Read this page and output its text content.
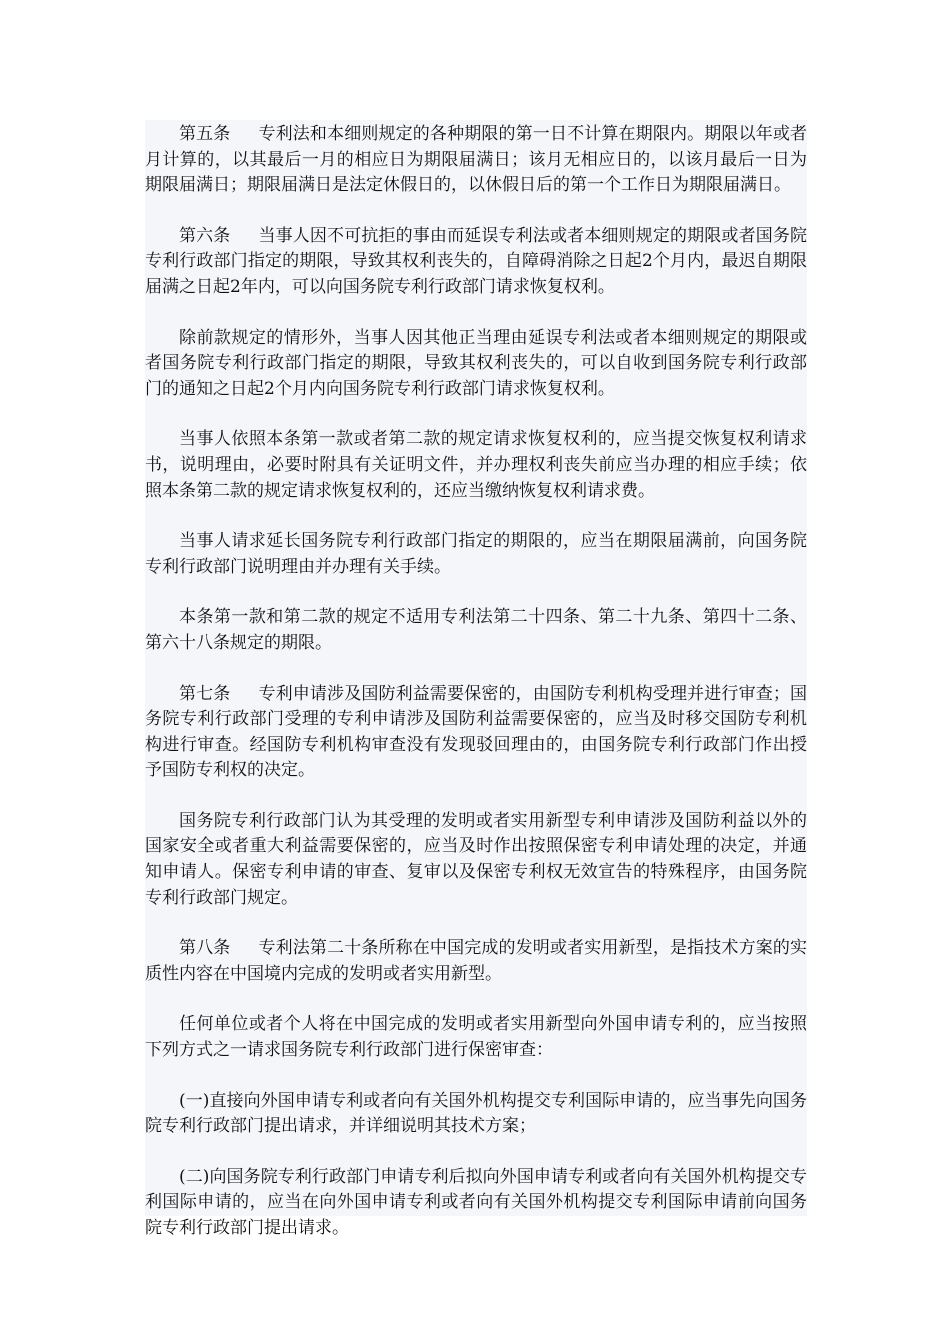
第五条 专利法和本细则规定的各种期限的第一日不计算在期限内。期限以年或者月计算的，以其最后一月的相应日为期限届满日；该月无相应日的，以该月最后一日为期限届满日；期限届满日是法定休假日的，以休假日后的第一个工作日为期限届满日。

第六条 当事人因不可抗拒的事由而延误专利法或者本细则规定的期限或者国务院专利行政部门指定的期限，导致其权利丧失的，自障碍消除之日起2个月内，最迟自期限届满之日起2年内，可以向国务院专利行政部门请求恢复权利。

除前款规定的情形外，当事人因其他正当理由延误专利法或者本细则规定的期限或者国务院专利行政部门指定的期限，导致其权利丧失的，可以自收到国务院专利行政部门的通知之日起2个月内向国务院专利行政部门请求恢复权利。

当事人依照本条第一款或者第二款的规定请求恢复权利的，应当提交恢复权利请求书，说明理由，必要时附具有关证明文件，并办理权利丧失前应当办理的相应手续；依照本条第二款的规定请求恢复权利的，还应当缴纳恢复权利请求费。

当事人请求延长国务院专利行政部门指定的期限的，应当在期限届满前，向国务院专利行政部门说明理由并办理有关手续。

本条第一款和第二款的规定不适用专利法第二十四条、第二十九条、第四十二条、第六十八条规定的期限。

第七条 专利申请涉及国防利益需要保密的，由国防专利机构受理并进行审查；国务院专利行政部门受理的专利申请涉及国防利益需要保密的，应当及时移交国防专利机构进行审查。经国防专利机构审查没有发现驳回理由的，由国务院专利行政部门作出授予国防专利权的决定。

国务院专利行政部门认为其受理的发明或者实用新型专利申请涉及国防利益以外的国家安全或者重大利益需要保密的，应当及时作出按照保密专利申请处理的决定，并通知申请人。保密专利申请的审查、复审以及保密专利权无效宣告的特殊程序，由国务院专利行政部门规定。

第八条 专利法第二十条所称在中国完成的发明或者实用新型，是指技术方案的实质性内容在中国境内完成的发明或者实用新型。

任何单位或者个人将在中国完成的发明或者实用新型向外国申请专利的，应当按照下列方式之一请求国务院专利行政部门进行保密审查：

(一)直接向外国申请专利或者向有关国外机构提交专利国际申请的，应当事先向国务院专利行政部门提出请求，并详细说明其技术方案；

(二)向国务院专利行政部门申请专利后拟向外国申请专利或者向有关国外机构提交专利国际申请的，应当在向外国申请专利或者向有关国外机构提交专利国际申请前向国务院专利行政部门提出请求。
